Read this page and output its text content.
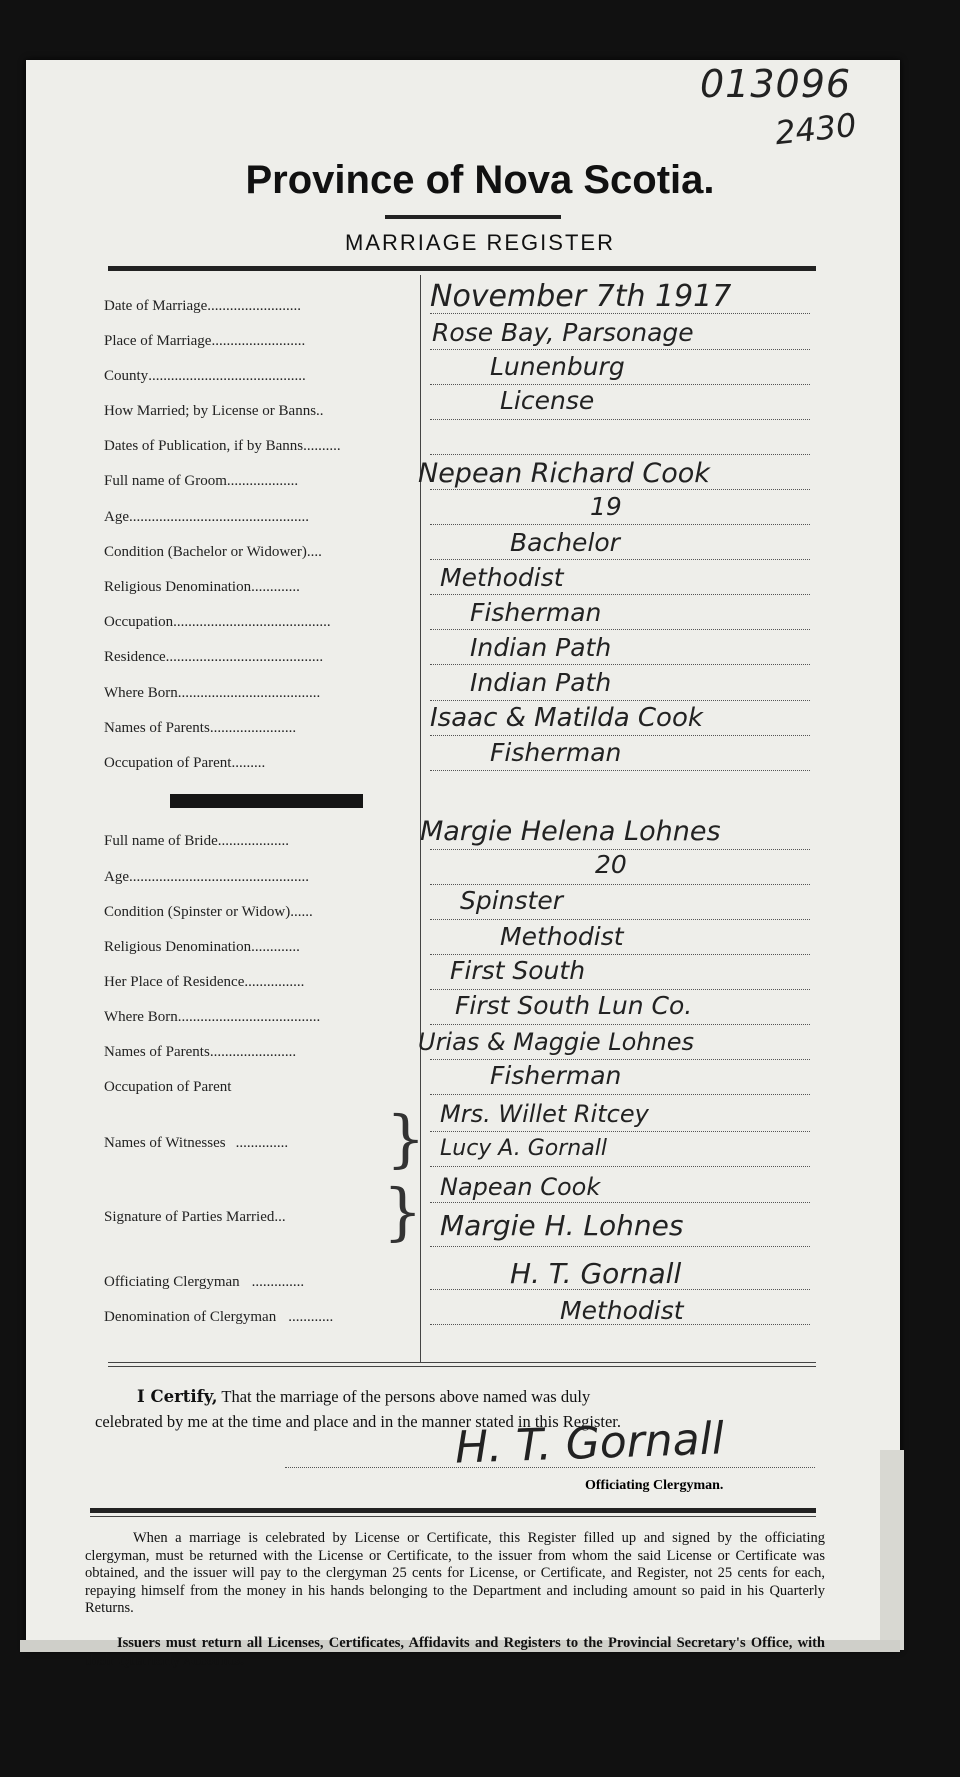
013096
2430
Province of Nova Scotia.
MARRIAGE REGISTER
Date of Marriage.........................	November 7th 1917
Place of Marriage.........................	Rose Bay, Parsonage
County..........................................	Lunenburg
How Married; by License or Banns..	License
Dates of Publication, if by Banns..........
Full name of Groom...................	Nepean Richard Cook
Age................................................	19
Condition (Bachelor or Widower)....	Bachelor
Religious Denomination.............	Methodist
Occupation..........................................	Fisherman
Residence..........................................	Indian Path
Where Born......................................	Indian Path
Names of Parents.......................	Isaac & Matilda Cook
Occupation of Parent.........	Fisherman
Full name of Bride...................	Margie Helena Lohnes
Age................................................	20
Condition (Spinster or Widow)......	Spinster
Religious Denomination.............	Methodist
Her Place of Residence................	First South
Where Born......................................	First South Lun Co.
Names of Parents.......................	Urias & Maggie Lohnes
Occupation of Parent	Fisherman
Names of Witnesses .............. } Mrs. Willet Ritcey
Lucy A. Gornall
Signature of Parties Married... } Napean Cook
Margie H. Lohnes
Officiating Clergyman ..............	H. T. Gornall
Denomination of Clergyman ............	Methodist
I Certify, That the marriage of the persons above named was duly
celebrated by me at the time and place and in the manner stated in this Register.
H. T. Gornall
Officiating Clergyman.
When a marriage is celebrated by License or Certificate, this Register filled up and signed by the officiating clergyman, must be returned with the License or Certificate, to the issuer from whom the said License or Certificate was obtained, and the issuer will pay to the clergyman 25 cents for License, or Certificate, and Register, not 25 cents for each, repaying himself from the money in his hands belonging to the Department and including amount so paid in his Quarterly Returns.
Issuers must return all Licenses, Certificates, Affidavits and Registers to the Provincial Secretary's Office, with their Quarterly Accounts.
